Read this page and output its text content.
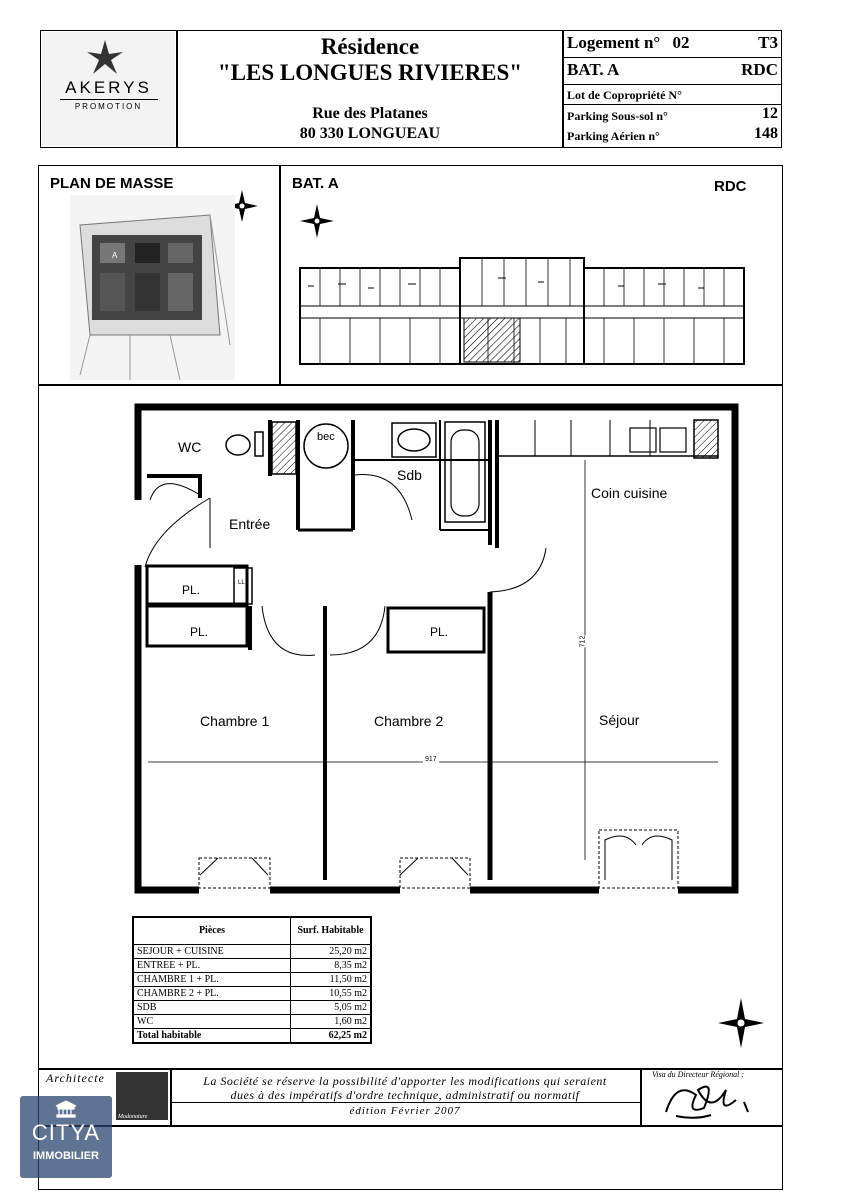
AKERYS
PROMOTION
Résidence
"LES LONGUES RIVIERES"
Rue des Platanes
80 330 LONGUEAU
Logement n° 02	T3
BAT. A	RDC
Lot de Copropriété N°
Parking Sous-sol n°	12
Parking Aérien n°	148
PLAN DE MASSE
A
BAT. A	RDC
WC
bec
Sdb
Coin cuisine
Entrée
PL.	LL
PL.	PL.
Chambre 1	Chambre 2	Séjour
917
712
Pièces	Surf. Habitable
SEJOUR + CUISINE	25,20 m2
ENTREE + PL.	8,35 m2
CHAMBRE 1 + PL.	11,50 m2
CHAMBRE 2 + PL.	10,55 m2
SDB	5,05 m2
WC	1,60 m2
Total habitable	62,25 m2
Architecte
Modonature
La Société se réserve la possibilité d'apporter les modifications qui seraient
dues à des impératifs d'ordre technique, administratif ou normatif
édition Février 2007
Visa du Directeur Régional :
CITYA
IMMOBILIER
